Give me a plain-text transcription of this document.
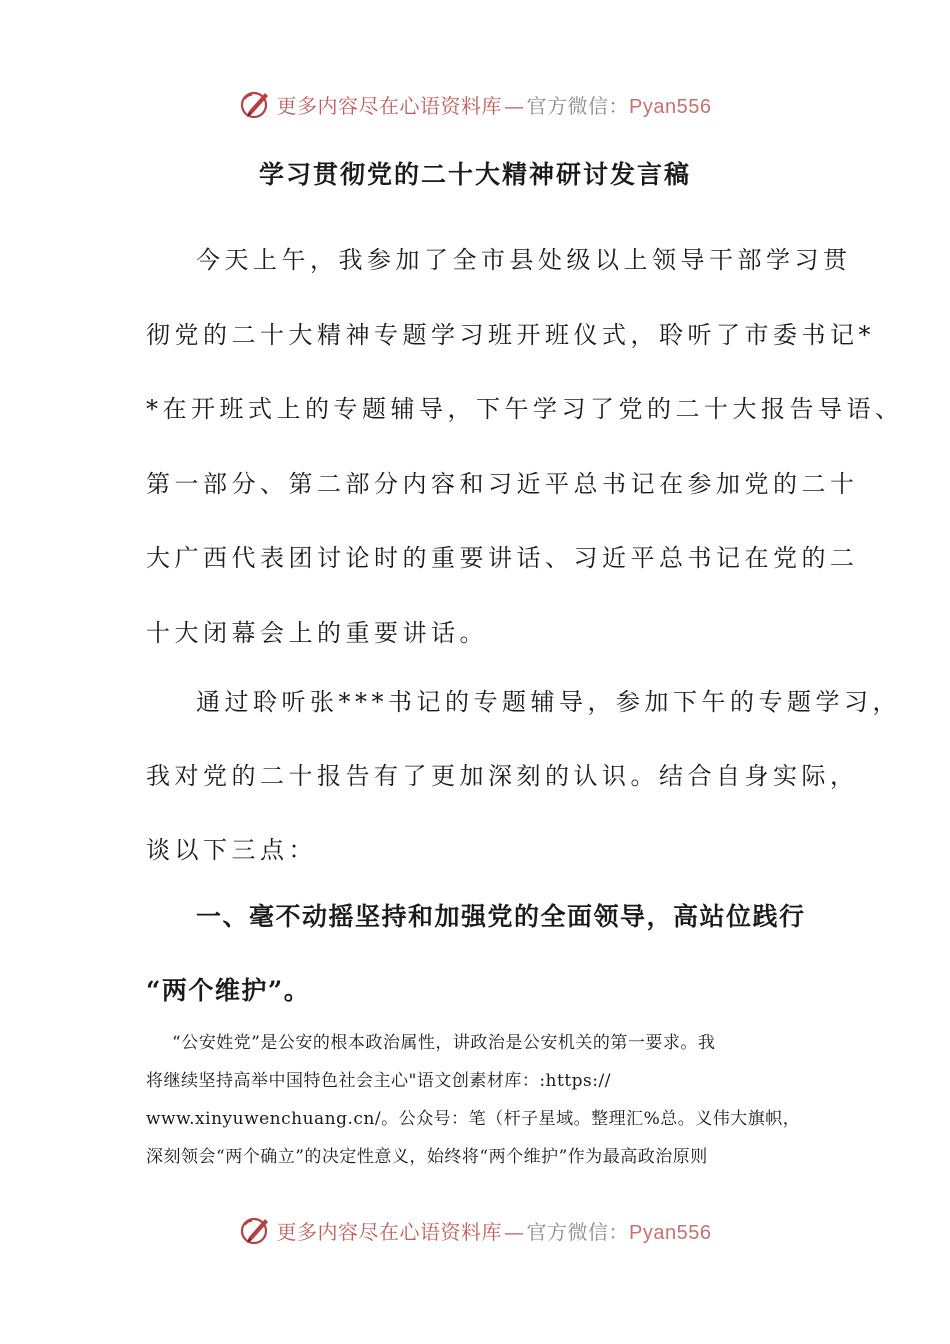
更多内容尽在心语资料库 — 官方微信：Pyan556
学习贯彻党的二十大精神研讨发言稿
今天上午，我参加了全市县处级以上领导干部学习贯
彻党的二十大精神专题学习班开班仪式，聆听了市委书记*
*在开班式上的专题辅导，下午学习了党的二十大报告导语、
第一部分、第二部分内容和习近平总书记在参加党的二十
大广西代表团讨论时的重要讲话、习近平总书记在党的二
十大闭幕会上的重要讲话。
通过聆听张***书记的专题辅导，参加下午的专题学习，
我对党的二十报告有了更加深刻的认识。结合自身实际，
谈以下三点：
一、毫不动摇坚持和加强党的全面领导，高站位践行
“两个维护”。
“公安姓党”是公安的根本政治属性，讲政治是公安机关的第一要求。我
将继续坚持高举中国特色社会主心"语文创素材库：:https://
www.xinyuwenchuang.cn/。公众号：笔（杆子星域。整理汇%总。义伟大旗帜，
深刻领会“两个确立”的决定性意义，始终将“两个维护”作为最高政治原则
更多内容尽在心语资料库 — 官方微信：Pyan556
